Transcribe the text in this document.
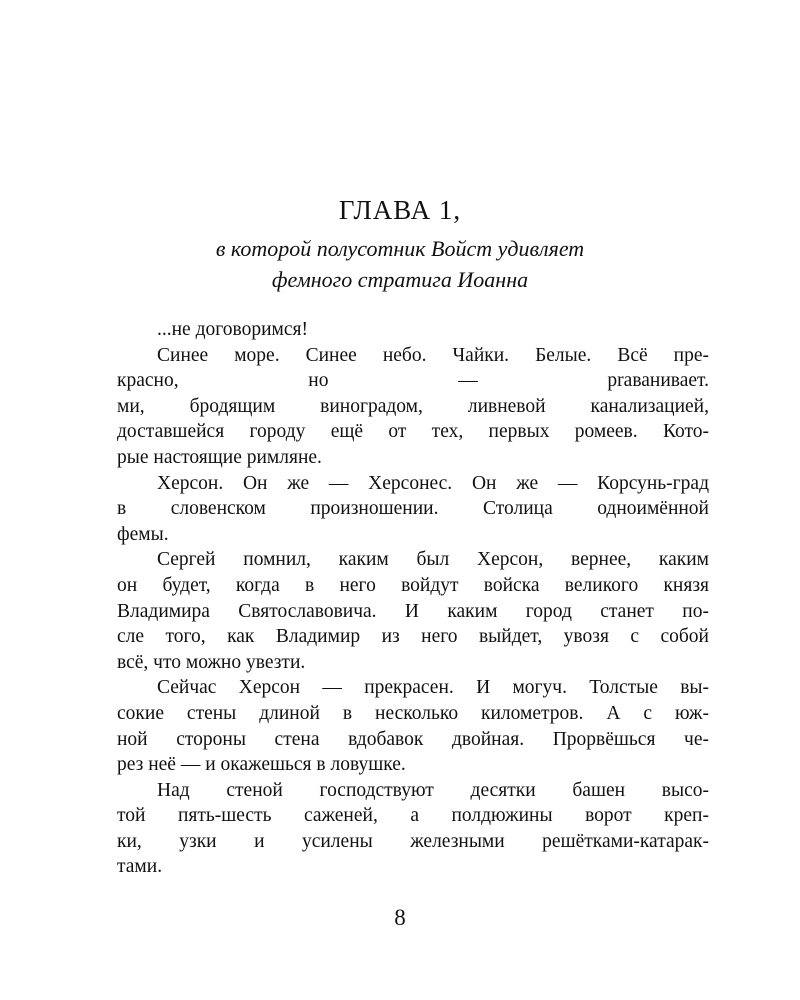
ГЛАВА 1,
в которой полусотник Войст удивляет
фемного стратига Иоанна
...не договоримся!
Синее море. Синее небо. Чайки. Белые. Всё пре-
красно, но — praванивает.
ми, бродящим виноградом, ливневой канализацией,
доставшейся городу ещё от тех, первых ромеев. Кото-
рые настоящие римляне.
Херсон. Он же — Херсонес. Он же — Корсунь-град
в словенском произношении. Столица одноимённой
фемы.
Сергей помнил, каким был Херсон, вернее, каким
он будет, когда в него войдут войска великого князя
Владимира Святославовича. И каким город станет по-
сле того, как Владимир из него выйдет, увозя с собой
всё, что можно увезти.
Сейчас Херсон — прекрасен. И могуч. Толстые вы-
сокие стены длиной в несколько километров. А с юж-
ной стороны стена вдобавок двойная. Прорвёшься че-
рез неё — и окажешься в ловушке.
Над стеной господствуют десятки башен высо-
той пять-шесть саженей, а полдюжины ворот креп-
ки, узки и усилены железными решётками-катарак-
тами.
8
